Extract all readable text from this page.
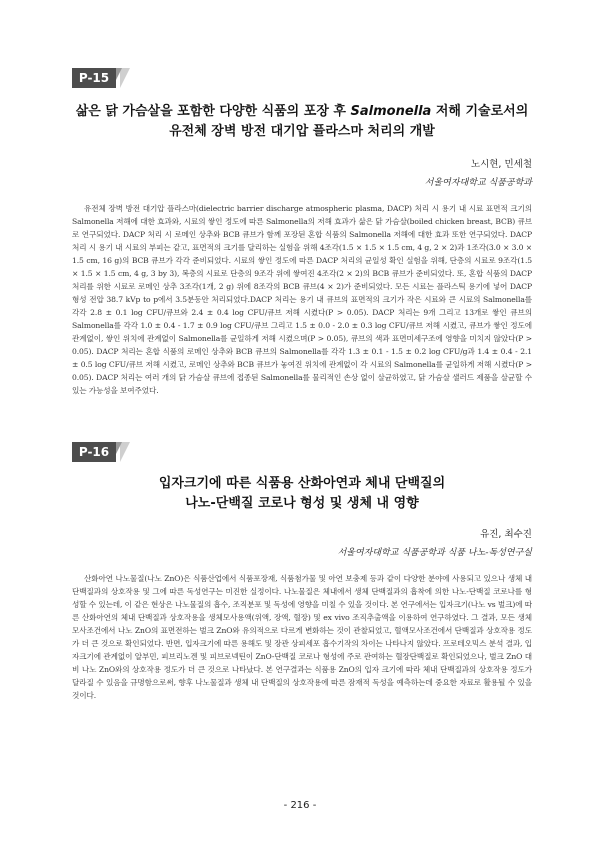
P-15
삶은 닭 가슴살을 포함한 다양한 식품의 포장 후 Salmonella 저해 기술로서의
유전체 장벽 방전 대기압 플라스마 처리의 개발
노시현, 민세철
서울여자대학교 식품공학과
유전체 장벽 방전 대기압 플라스마(dielectric barrier discharge atmospheric plasma, DACP) 처리 시 용기 내 시료 표면적 크기의 Salmonella 저해에 대한 효과와, 시료의 쌓인 정도에 따른 Salmonella의 저해 효과가 삶은 닭 가슴살(boiled chicken breast, BCB) 큐브로 연구되었다. DACP 처리 시 로메인 상추와 BCB 큐브가 함께 포장된 혼합 식품의 Salmonella 저해에 대한 효과 또한 연구되었다. DACP 처리 시 용기 내 시료의 부피는 같고, 표면적의 크기를 달리하는 실험을 위해 4조각(1.5 × 1.5 × 1.5 cm, 4 g, 2 × 2)과 1조각(3.0 × 3.0 × 1.5 cm, 16 g)의 BCB 큐브가 각각 준비되었다. 시료의 쌓인 정도에 따른 DACP 처리의 균일성 확인 실험을 위해, 단층의 시료로 9조각(1.5 × 1.5 × 1.5 cm, 4 g, 3 by 3), 복층의 시료로 단층의 9조각 위에 쌓여진 4조각(2 × 2)의 BCB 큐브가 준비되었다. 또, 혼합 식품의 DACP 처리를 위한 시료로 로메인 상추 3조각(1개, 2 g) 위에 8조각의 BCB 큐브(4 × 2)가 준비되었다. 모든 시료는 플라스틱 용기에 넣어 DACP 형성 전압 38.7 kVp to p에서 3.5분동안 처리되었다.DACP 처리는 용기 내 큐브의 표면적의 크기가 작은 시료와 큰 시료의 Salmonella를 각각 2.8 ± 0.1 log CFU/큐브와 2.4 ± 0.4 log CFU/큐브 저해 시켰다(P > 0.05). DACP 처리는 9개 그리고 13개로 쌓인 큐브의 Salmonella를 각각 1.0 ± 0.4 - 1.7 ± 0.9 log CFU/큐브 그리고 1.5 ± 0.0 - 2.0 ± 0.3 log CFU/큐브 저해 시켰고, 큐브가 쌓인 정도에 관계없이, 쌓인 위치에 관계없이 Salmonella를 균일하게 저해 시켰으며(P > 0.05), 큐브의 색과 표면미세구조에 영향을 미치지 않았다(P > 0.05). DACP 처리는 혼합 식품의 로메인 상추와 BCB 큐브의 Salmonella를 각각 1.3 ± 0.1 - 1.5 ± 0.2 log CFU/g과 1.4 ± 0.4 - 2.1 ± 0.5 log CFU/큐브 저해 시켰고, 로메인 상추와 BCB 큐브가 놓여진 위치에 관계없이 각 시료의 Salmonella를 균일하게 저해 시켰다(P > 0.05). DACP 처리는 여러 개의 닭 가슴살 큐브에 접종된 Salmonella를 물리적인 손상 없이 살균하였고, 닭 가슴살 샐러드 제품을 살균할 수 있는 가능성을 보여주었다.
P-16
입자크기에 따른 식품용 산화아연과 체내 단백질의
나노-단백질 코로나 형성 및 생체 내 영향
유진, 최수진
서울여자대학교 식품공학과 식품 나노-독성연구실
산화아연 나노물질(나노 ZnO)은 식품산업에서 식품포장재, 식품첨가물 및 아연 보충제 등과 같이 다양한 분야에 사용되고 있으나 생체 내 단백질과의 상호작용 및 그에 따른 독성연구는 미진한 실정이다. 나노물질은 체내에서 생체 단백질과의 흡착에 의한 나노-단백질 코로나를 형성할 수 있는데, 이 같은 현상은 나노물질의 흡수, 조직분포 및 독성에 영향을 미칠 수 있을 것이다. 본 연구에서는 입자크기(나노 vs 벌크)에 따른 산화아연의 체내 단백질과 상호작용을 생체모사용액(위액, 장액, 혈장) 및 ex vivo 조직추출액을 이용하여 연구하였다. 그 결과, 모든 생체모사조건에서 나노 ZnO의 표면전하는 벌크 ZnO와 유의적으로 다르게 변화하는 것이 관찰되었고, 혈액모사조건에서 단백질과 상호작용 정도가 더 큰 것으로 확인되었다. 반면, 입자크기에 따른 용해도 및 장관 상피세포 흡수기작의 차이는 나타나지 않았다. 프로테오믹스 분석 결과, 입자크기에 관계없이 알부민, 피브리노겐 및 피브로넥틴이 ZnO-단백질 코로나 형성에 주로 관여하는 혈장단백질로 확인되었으나, 벌크 ZnO 대비 나노 ZnO와의 상호작용 정도가 더 큰 것으로 나타났다. 본 연구결과는 식품용 ZnO의 입자 크기에 따라 체내 단백질과의 상호작용 정도가 달라질 수 있음을 규명함으로써, 향후 나노물질과 생체 내 단백질의 상호작용에 따른 잠재적 독성을 예측하는데 중요한 자료로 활용될 수 있을 것이다.
- 216 -
